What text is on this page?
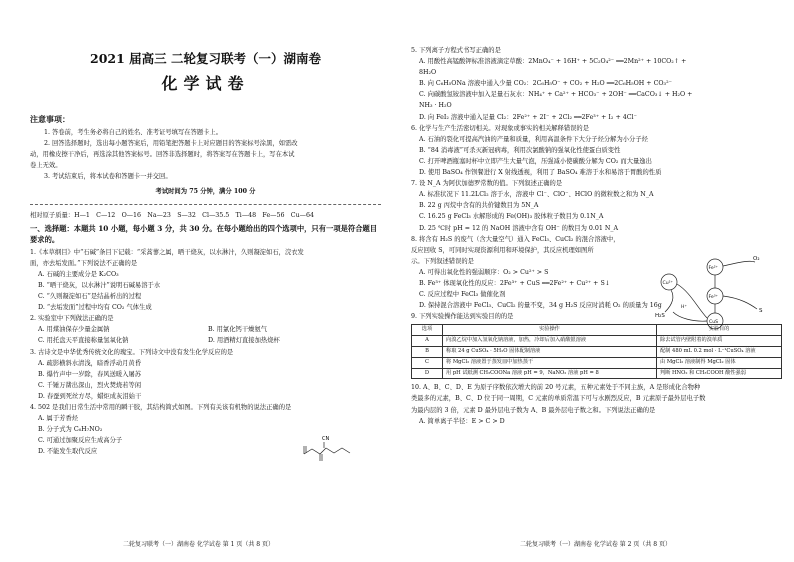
2021 届高三 二轮复习联考（一）湖南卷
化学试卷
注意事项：

1. 答卷前，考生务必将自己的姓名、准考证号填写在答题卡上。

2. 回答选择题时，选出每小题答案后，用铅笔把答题卡上对应题目的答案标号涂黑，如需改

动，用橡皮擦干净后，再选涂其他答案标号。回答非选择题时，将答案写在答题卡上，写在本试

卷上无效。

3. 考试结束后，将本试卷和答题卡一并交回。

考试时间为 75 分钟，满分 100 分

相对原子质量：H—1　C—12　O—16　Na—23　S—32　Cl—35.5　Ti—48　Fe—56　Cu—64

一、选择题：本题共 10 小题，每小题 3 分，共 30 分。在每小题给出的四个选项中，只有一项是符合题目要求的。

1.《本草纲目》中“石碱”条目下记载：“采蒿蓼之属，晒干烧灰，以水淋汁，久则凝淀如石，浣衣发

面，亦去垢发面。”下列说法不正确的是

A. 石碱的主要成分是 K₂CO₃

B. “晒干烧灰，以水淋汁”说明石碱易溶于水

C. “久则凝淀如石”是结晶析出的过程

D. “去垢发面”过程中均有 CO₂ 气体生成

2. 实验室中下列做法正确的是

A. 用煤油保存少量金属钠	B. 用氯化钙干燥氨气

C. 用托盘天平直接称量氢氧化钠	D. 用酒精灯直接加热烧杯

3. 古诗文是中华优秀传统文化的瑰宝。下列诗文中没有发生化学反应的是

A. 疏影横斜水清浅，暗香浮动月黄昏

B. 爆竹声中一岁除，春风送暖入屠苏

C. 千锤万凿出深山，烈火焚烧若等闲

D. 春蚕到死丝方尽，蜡炬成灰泪始干

4. 502 是我们日常生活中常用的瞬干胶，其结构简式如图。下列有关该有机物的说法正确的是

A. 属于芳香烃

B. 分子式为 C₆H₇NO₂

C. 可通过加聚反应生成高分子

D. 不能发生取代反应

CN
二轮复习联考（一）湖南卷 化学试卷 第 1 页（共 8 页）

5. 下列离子方程式书写正确的是

A. 用酸性高锰酸钾标准溶液滴定草酸：2MnO₄⁻ + 16H⁺ + 5C₂O₄²⁻ ══2Mn²⁺ + 10CO₂↑ +

8H₂O

B. 向 C₆H₅ONa 溶液中通入少量 CO₂：2C₆H₅O⁻ + CO₂ + H₂O ══2C₆H₅OH + CO₃²⁻

C. 向碳酸氢铵溶液中加入足量石灰水：NH₄⁺ + Ca²⁺ + HCO₃⁻ + 2OH⁻ ══CaCO₃↓ + H₂O +

NH₃ · H₂O

D. 向 FeI₂ 溶液中通入足量 Cl₂：2Fe²⁺ + 2I⁻ + 2Cl₂ ══2Fe³⁺ + I₂ + 4Cl⁻

6. 化学与生产生活密切相关。对现象或事实的相关解释错误的是

A. 石油的裂化可提高汽油的产量和质量，利用高温条件下大分子烃分解为小分子烃

B. “84 消毒液”可杀灭新冠病毒，利用次氯酸钠的强氧化性使蛋白质变性

C. 打开啤酒瓶塞时杯中立即产生大量气泡，压强减小使碳酸分解为 CO₂ 而大量逸出

D. 使用 BaSO₄ 作钡餐进行 X 射线透视，利用了 BaSO₄ 难溶于水和易溶于胃酸的性质

7. 设 N_A 为阿伏加德罗常数的值。下列叙述正确的是

A. 标准状况下 11.2LCl₂ 溶于水，溶液中 Cl⁻、ClO⁻、HClO 的微粒数之和为 N_A

B. 22 g 丙烷中含有的共价键数目为 5N_A

C. 16.25 g FeCl₃ 水解形成的 Fe(OH)₃ 胶体粒子数目为 0.1N_A

D. 25 ℃时 pH = 12 的 NaOH 溶液中含有 OH⁻ 的数目为 0.01 N_A

8. 将含有 H₂S 的废气（含大量空气）通入 FeCl₃、CuCl₂ 的混合溶液中，

反应回收 S，可同时实现资源利用和环境保护，其反应机理如图所

示。下列叙述错误的是

A. 可得出氧化性的强弱顺序：O₂ > Cu²⁺ > S

B. Fe³⁺ 体现氧化性的反应：2Fe³⁺ + CuS ══2Fe²⁺ + Cu²⁺ + S↓

C. 反应过程中 FeCl₃ 做催化剂

D. 保持混合溶液中 FeCl₃、CuCl₂ 的量不变，34 g H₂S 反应时消耗 O₂ 的质量为 16g

O₂
Cu²⁺
Fe²⁺
Fe³⁺
CuS
H₂S
H⁺
S

9. 下列实验操作能达到实验目的的是

选项	实验操作	实验目的
A	向溴乙烷中加入氢氧化钠溶液，加热，冷却后加入硝酸银溶液	除去试管内壁附着的溴单质
B	称取 24 g CuSO₄ · 5H₂O 固体配制溶液	配制 480 mL 0.2 mol · L⁻¹CuSO₄ 溶液
C	将 MgCl₂ 溶液置于蒸发皿中加热蒸干	由 MgCl₂ 溶液制得 MgCl₂ 固体
D	用 pH 试纸测 CH₃COONa 溶液 pH = 9，NaNO₂ 溶液 pH = 8	判断 HNO₂ 和 CH₃COOH 酸性强弱

10. A、B、C、D、E 为原子序数依次增大的前 20 号元素，五种元素处于不同主族，A 是形成化合物种

类最多的元素，B、C、D 位于同一周期，C 元素的单质常温下可与水剧烈反应，B 元素原子最外层电子数

为最内层的 3 倍，元素 D 最外层电子数为 A、B 最外层电子数之和。下列说法正确的是

A. 简单离子半径：E > C > D

二轮复习联考（一）湖南卷 化学试卷 第 2 页（共 8 页）
